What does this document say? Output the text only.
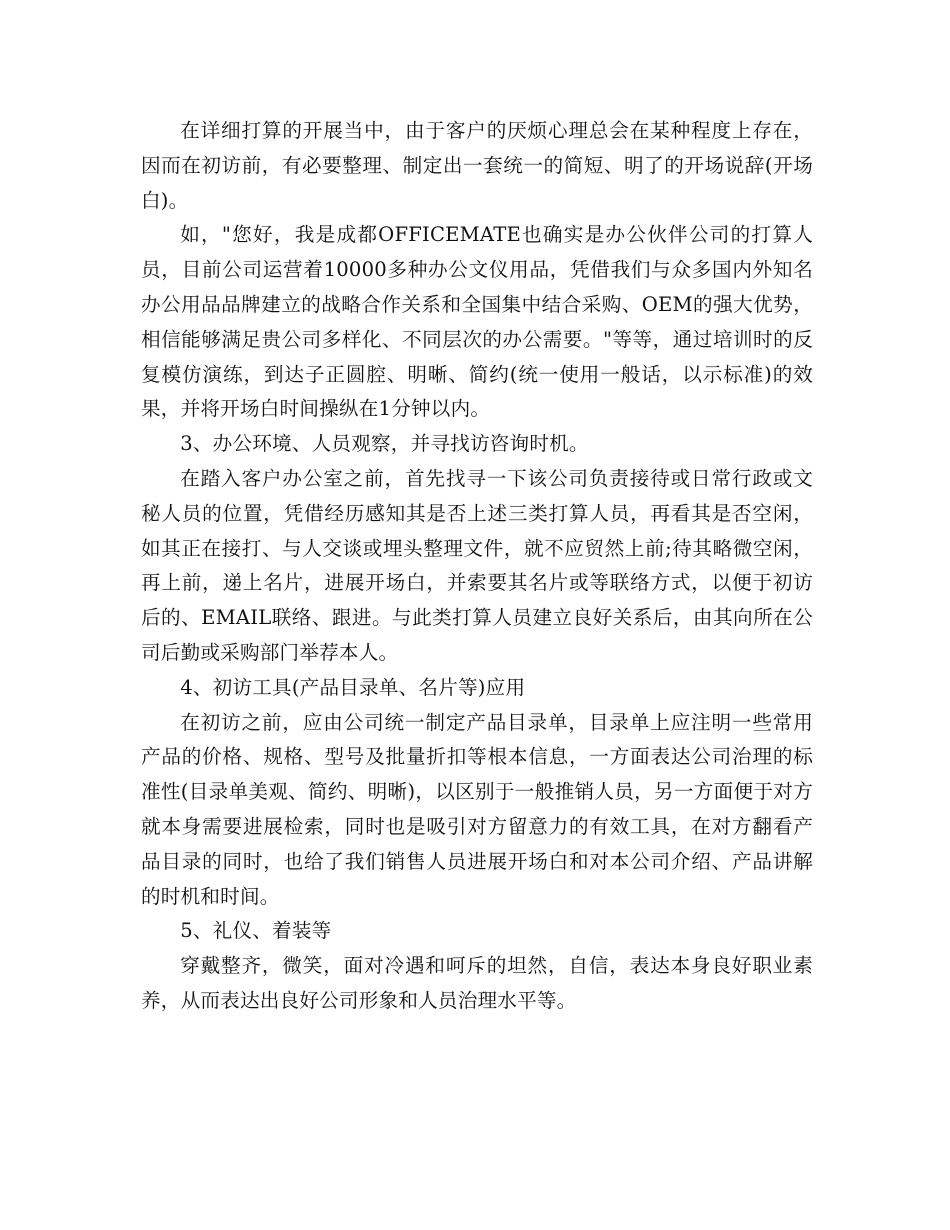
在详细打算的开展当中，由于客户的厌烦心理总会在某种程度上存在，因而在初访前，有必要整理、制定出一套统一的简短、明了的开场说辞(开场白)。

如，"您好，我是成都OFFICEMATE也确实是办公伙伴公司的打算人员，目前公司运营着10000多种办公文仪用品，凭借我们与众多国内外知名办公用品品牌建立的战略合作关系和全国集中结合采购、OEM的强大优势，相信能够满足贵公司多样化、不同层次的办公需要。"等等，通过培训时的反复模仿演练，到达子正圆腔、明晰、简约(统一使用一般话，以示标准)的效果，并将开场白时间操纵在1分钟以内。

3、办公环境、人员观察，并寻找访咨询时机。

在踏入客户办公室之前，首先找寻一下该公司负责接待或日常行政或文秘人员的位置，凭借经历感知其是否上述三类打算人员，再看其是否空闲，如其正在接打、与人交谈或埋头整理文件，就不应贸然上前;待其略微空闲，再上前，递上名片，进展开场白，并索要其名片或等联络方式，以便于初访后的、EMAIL联络、跟进。与此类打算人员建立良好关系后，由其向所在公司后勤或采购部门举荐本人。

4、初访工具(产品目录单、名片等)应用

在初访之前，应由公司统一制定产品目录单，目录单上应注明一些常用产品的价格、规格、型号及批量折扣等根本信息，一方面表达公司治理的标准性(目录单美观、简约、明晰)，以区别于一般推销人员，另一方面便于对方就本身需要进展检索，同时也是吸引对方留意力的有效工具，在对方翻看产品目录的同时，也给了我们销售人员进展开场白和对本公司介绍、产品讲解的时机和时间。

5、礼仪、着装等

穿戴整齐，微笑，面对冷遇和呵斥的坦然，自信，表达本身良好职业素养，从而表达出良好公司形象和人员治理水平等。
